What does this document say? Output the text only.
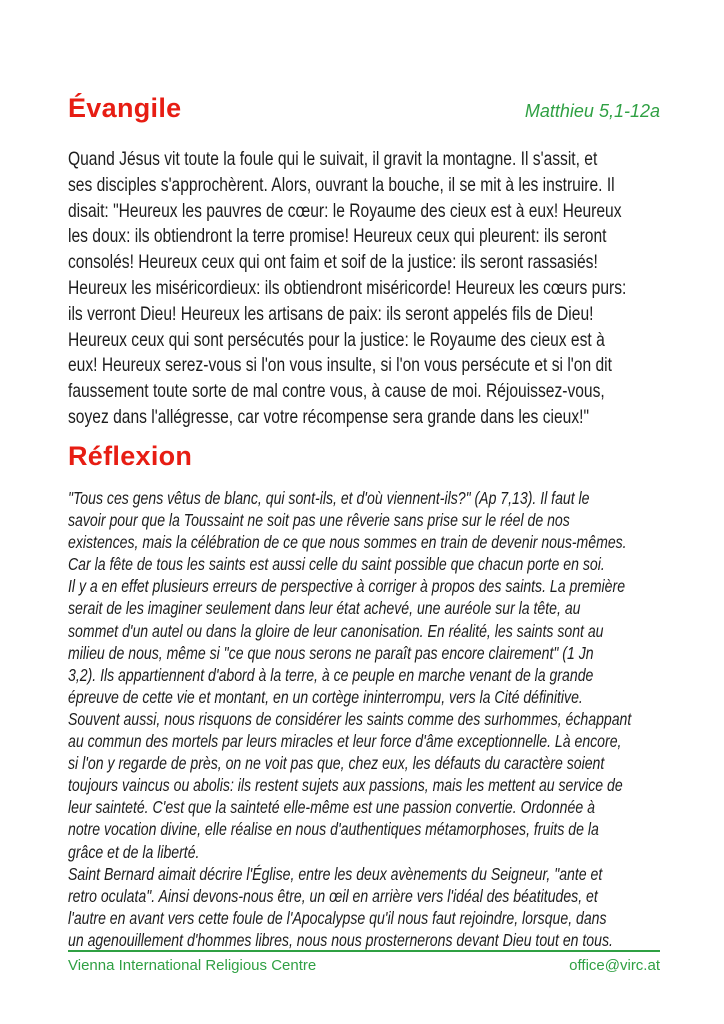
Évangile	Matthieu 5,1-12a
Quand Jésus vit toute la foule qui le suivait, il gravit la montagne. Il s'assit, et
ses disciples s'approchèrent. Alors, ouvrant la bouche, il se mit à les instruire. Il
disait: "Heureux les pauvres de cœur: le Royaume des cieux est à eux! Heureux
les doux: ils obtiendront la terre promise! Heureux ceux qui pleurent: ils seront
consolés! Heureux ceux qui ont faim et soif de la justice: ils seront rassasiés!
Heureux les miséricordieux: ils obtiendront miséricorde! Heureux les cœurs purs:
ils verront Dieu! Heureux les artisans de paix: ils seront appelés fils de Dieu!
Heureux ceux qui sont persécutés pour la justice: le Royaume des cieux est à
eux! Heureux serez-vous si l'on vous insulte, si l'on vous persécute et si l'on dit
faussement toute sorte de mal contre vous, à cause de moi. Réjouissez-vous,
soyez dans l'allégresse, car votre récompense sera grande dans les cieux!"
Réflexion
"Tous ces gens vêtus de blanc, qui sont-ils, et d'où viennent-ils?" (Ap 7,13). Il faut le
savoir pour que la Toussaint ne soit pas une rêverie sans prise sur le réel de nos
existences, mais la célébration de ce que nous sommes en train de devenir nous-mêmes.
Car la fête de tous les saints est aussi celle du saint possible que chacun porte en soi.
Il y a en effet plusieurs erreurs de perspective à corriger à propos des saints. La première
serait de les imaginer seulement dans leur état achevé, une auréole sur la tête, au
sommet d'un autel ou dans la gloire de leur canonisation. En réalité, les saints sont au
milieu de nous, même si "ce que nous serons ne paraît pas encore clairement" (1 Jn
3,2). Ils appartiennent d'abord à la terre, à ce peuple en marche venant de la grande
épreuve de cette vie et montant, en un cortège ininterrompu, vers la Cité définitive.
Souvent aussi, nous risquons de considérer les saints comme des surhommes, échappant
au commun des mortels par leurs miracles et leur force d'âme exceptionnelle. Là encore,
si l'on y regarde de près, on ne voit pas que, chez eux, les défauts du caractère soient
toujours vaincus ou abolis: ils restent sujets aux passions, mais les mettent au service de
leur sainteté. C'est que la sainteté elle-même est une passion convertie. Ordonnée à
notre vocation divine, elle réalise en nous d'authentiques métamorphoses, fruits de la
grâce et de la liberté.
Saint Bernard aimait décrire l'Église, entre les deux avènements du Seigneur, "ante et
retro oculata". Ainsi devons-nous être, un œil en arrière vers l'idéal des béatitudes, et
l'autre en avant vers cette foule de l'Apocalypse qu'il nous faut rejoindre, lorsque, dans
un agenouillement d'hommes libres, nous nous prosternerons devant Dieu tout en tous.
Vienna International Religious Centre	office@virc.at
